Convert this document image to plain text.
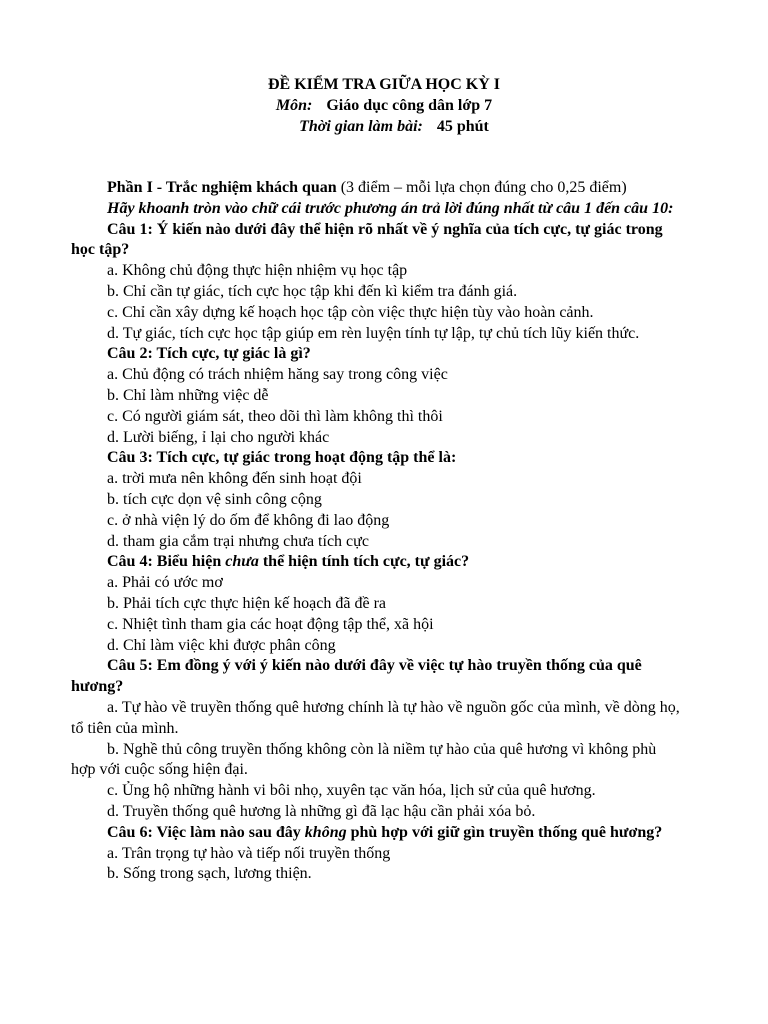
ĐỀ KIỂM TRA GIỮA HỌC KỲ I
Môn: Giáo dục công dân lớp 7
Thời gian làm bài: 45 phút

Phần I - Trắc nghiệm khách quan (3 điểm – mỗi lựa chọn đúng cho 0,25 điểm)

Hãy khoanh tròn vào chữ cái trước phương án trả lời đúng nhất từ câu 1 đến câu 10:

Câu 1: Ý kiến nào dưới đây thể hiện rõ nhất về ý nghĩa của tích cực, tự giác trong học tập?

a. Không chủ động thực hiện nhiệm vụ học tập

b. Chỉ cần tự giác, tích cực học tập khi đến kì kiểm tra đánh giá.

c. Chỉ cần xây dựng kế hoạch học tập còn việc thực hiện tùy vào hoàn cảnh.

d. Tự giác, tích cực học tập giúp em rèn luyện tính tự lập, tự chủ tích lũy kiến thức.

Câu 2: Tích cực, tự giác là gì?

a. Chủ động có trách nhiệm hăng say trong công việc

b. Chỉ làm những việc dễ

c. Có người giám sát, theo dõi thì làm không thì thôi

d. Lười biếng, ỉ lại cho người khác

Câu 3: Tích cực, tự giác trong hoạt động tập thể là:

a. trời mưa nên không đến sinh hoạt đội

b. tích cực dọn vệ sinh công cộng

c. ở nhà viện lý do ốm để không đi lao động

d. tham gia cắm trại nhưng chưa tích cực

Câu 4: Biểu hiện chưa thể hiện tính tích cực, tự giác?

a. Phải có ước mơ

b. Phải tích cực thực hiện kế hoạch đã đề ra

c. Nhiệt tình tham gia các hoạt động tập thể, xã hội

d. Chỉ làm việc khi được phân công

Câu 5: Em đồng ý với ý kiến nào dưới đây về việc tự hào truyền thống của quê hương?

a. Tự hào về truyền thống quê hương chính là tự hào về nguồn gốc của mình, về dòng họ, tổ tiên của mình.

b. Nghề thủ công truyền thống không còn là niềm tự hào của quê hương vì không phù hợp với cuộc sống hiện đại.

c. Ủng hộ những hành vi bôi nhọ, xuyên tạc văn hóa, lịch sử của quê hương.

d. Truyền thống quê hương là những gì đã lạc hậu cần phải xóa bỏ.

Câu 6: Việc làm nào sau đây không phù hợp với giữ gìn truyền thống quê hương?

a. Trân trọng tự hào và tiếp nối truyền thống

b. Sống trong sạch, lương thiện.
